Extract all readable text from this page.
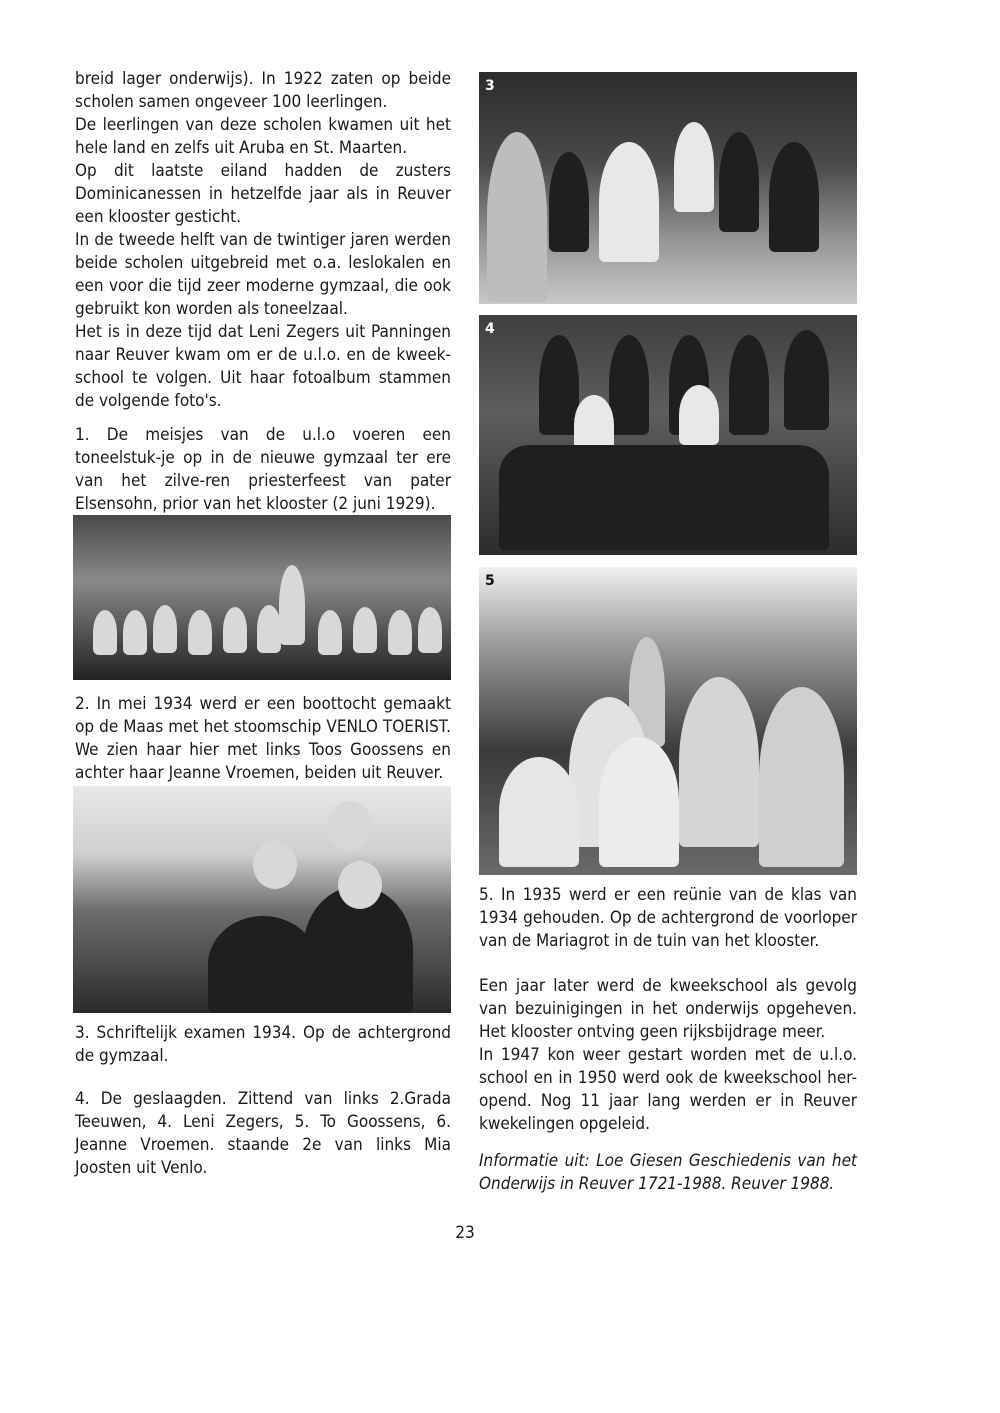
breid lager onderwijs). In 1922 zaten op beide scholen samen ongeveer 100 leerlingen.

De leerlingen van deze scholen kwamen uit het hele land en zelfs uit Aruba en St. Maarten.

Op dit laatste eiland hadden de zusters Dominicanessen in hetzelfde jaar als in Reuver een klooster gesticht.

In de tweede helft van de twintiger jaren werden beide scholen uitgebreid met o.a. leslokalen en een voor die tijd zeer moderne gymzaal, die ook gebruikt kon worden als toneelzaal.

Het is in deze tijd dat Leni Zegers uit Panningen naar Reuver kwam om er de u.l.o. en de kweek-school te volgen. Uit haar fotoalbum stammen de volgende foto's.

1. De meisjes van de u.l.o voeren een toneelstuk-je op in de nieuwe gymzaal ter ere van het zilve-ren priesterfeest van pater Elsensohn, prior van het klooster (2 juni 1929).

2. In mei 1934 werd er een boottocht gemaakt op de Maas met het stoomschip VENLO TOERIST. We zien haar hier met links Toos Goossens en achter haar Jeanne Vroemen, beiden uit Reuver.

3. Schriftelijk examen 1934. Op de achtergrond de gymzaal.

4. De geslaagden. Zittend van links 2.Grada Teeuwen, 4. Leni Zegers, 5. To Goossens, 6. Jeanne Vroemen. staande 2e van links Mia Joosten uit Venlo.

3
4
5

5. In 1935 werd er een reünie van de klas van 1934 gehouden. Op de achtergrond de voorloper van de Mariagrot in de tuin van het klooster.

Een jaar later werd de kweekschool als gevolg van bezuinigingen in het onderwijs opgeheven. Het klooster ontving geen rijksbijdrage meer.

In 1947 kon weer gestart worden met de u.l.o. school en in 1950 werd ook de kweekschool her-opend. Nog 11 jaar lang werden er in Reuver kwekelingen opgeleid.

Informatie uit: Loe Giesen Geschiedenis van het Onderwijs in Reuver 1721-1988. Reuver 1988.

23
